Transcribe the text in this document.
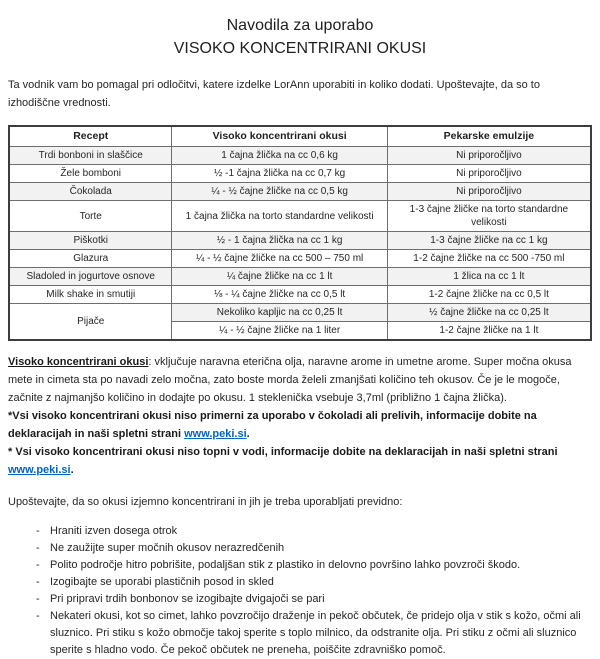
Navodila za uporabo
VISOKO KONCENTRIRANI OKUSI

Ta vodnik vam bo pomagal pri odločitvi, katere izdelke LorAnn uporabiti in koliko dodati. Upoštevajte, da so to izhodiščne vrednosti.

Recept	Visoko koncentrirani okusi	Pekarske emulzije
Trdi bonboni in slaščice	1 čajna žlička na cc 0,6 kg	Ni priporočljivo
Žele bomboni	½ -1 čajna žlička na cc 0,7 kg	Ni priporočljivo
Čokolada	¼ - ½ čajne žličke na cc 0,5 kg	Ni priporočljivo
Torte	1 čajna žlička na torto standardne velikosti	1-3 čajne žličke na torto standardne velikosti
Piškotki	½ - 1 čajna žlička na cc 1 kg	1-3 čajne žličke na cc 1 kg
Glazura	¼ - ½ čajne žličke na cc 500 – 750 ml	1-2 čajne žličke na cc 500 -750 ml
Sladoled in jogurtove osnove	¼ čajne žličke na cc 1 lt	1 žlica na cc 1 lt
Milk shake in smutiji	⅛ - ¼ čajne žličke na cc 0,5 lt	1-2 čajne žličke na cc 0,5 lt
Pijače	Nekoliko kapljic na cc 0,25 lt	½ čajne žličke na cc 0,25 lt
	¼ - ½ čajne žličke na 1 liter	1-2 čajne žličke na 1 lt

Visoko koncentrirani okusi: vključuje naravna eterična olja, naravne arome in umetne arome. Super močna okusa mete in cimeta sta po navadi zelo močna, zato boste morda želeli zmanjšati količino teh okusov. Če je le mogoče, začnite z najmanjšo količino in dodajte po okusu. 1 steklenička vsebuje 3,7ml (približno 1 čajna žlička).

*Vsi visoko koncentrirani okusi niso primerni za uporabo v čokoladi ali prelivih, informacije dobite na deklaracijah in naši spletni strani www.peki.si.

* Vsi visoko koncentrirani okusi niso topni v vodi, informacije dobite na deklaracijah in naši spletni strani www.peki.si.

Upoštevajte, da so okusi izjemno koncentrirani in jih je treba uporabljati previdno:

- Hraniti izven dosega otrok
- Ne zaužijte super močnih okusov nerazredčenih
- Polito področje hitro pobrišite, podaljšan stik z plastiko in delovno površino lahko povzroči škodo.
- Izogibajte se uporabi plastičnih posod in skled
- Pri pripravi trdih bonbonov se izogibajte dvigajoči se pari
- Nekateri okusi, kot so cimet, lahko povzročijo draženje in pekoč občutek, če pridejo olja v stik s kožo, očmi ali sluznico. Pri stiku s kožo območje takoj sperite s toplo milnico, da odstranite olja. Pri stiku z očmi ali sluznico sperite s hladno vodo. Če pekoč občutek ne preneha, poiščite zdravniško pomoč.
